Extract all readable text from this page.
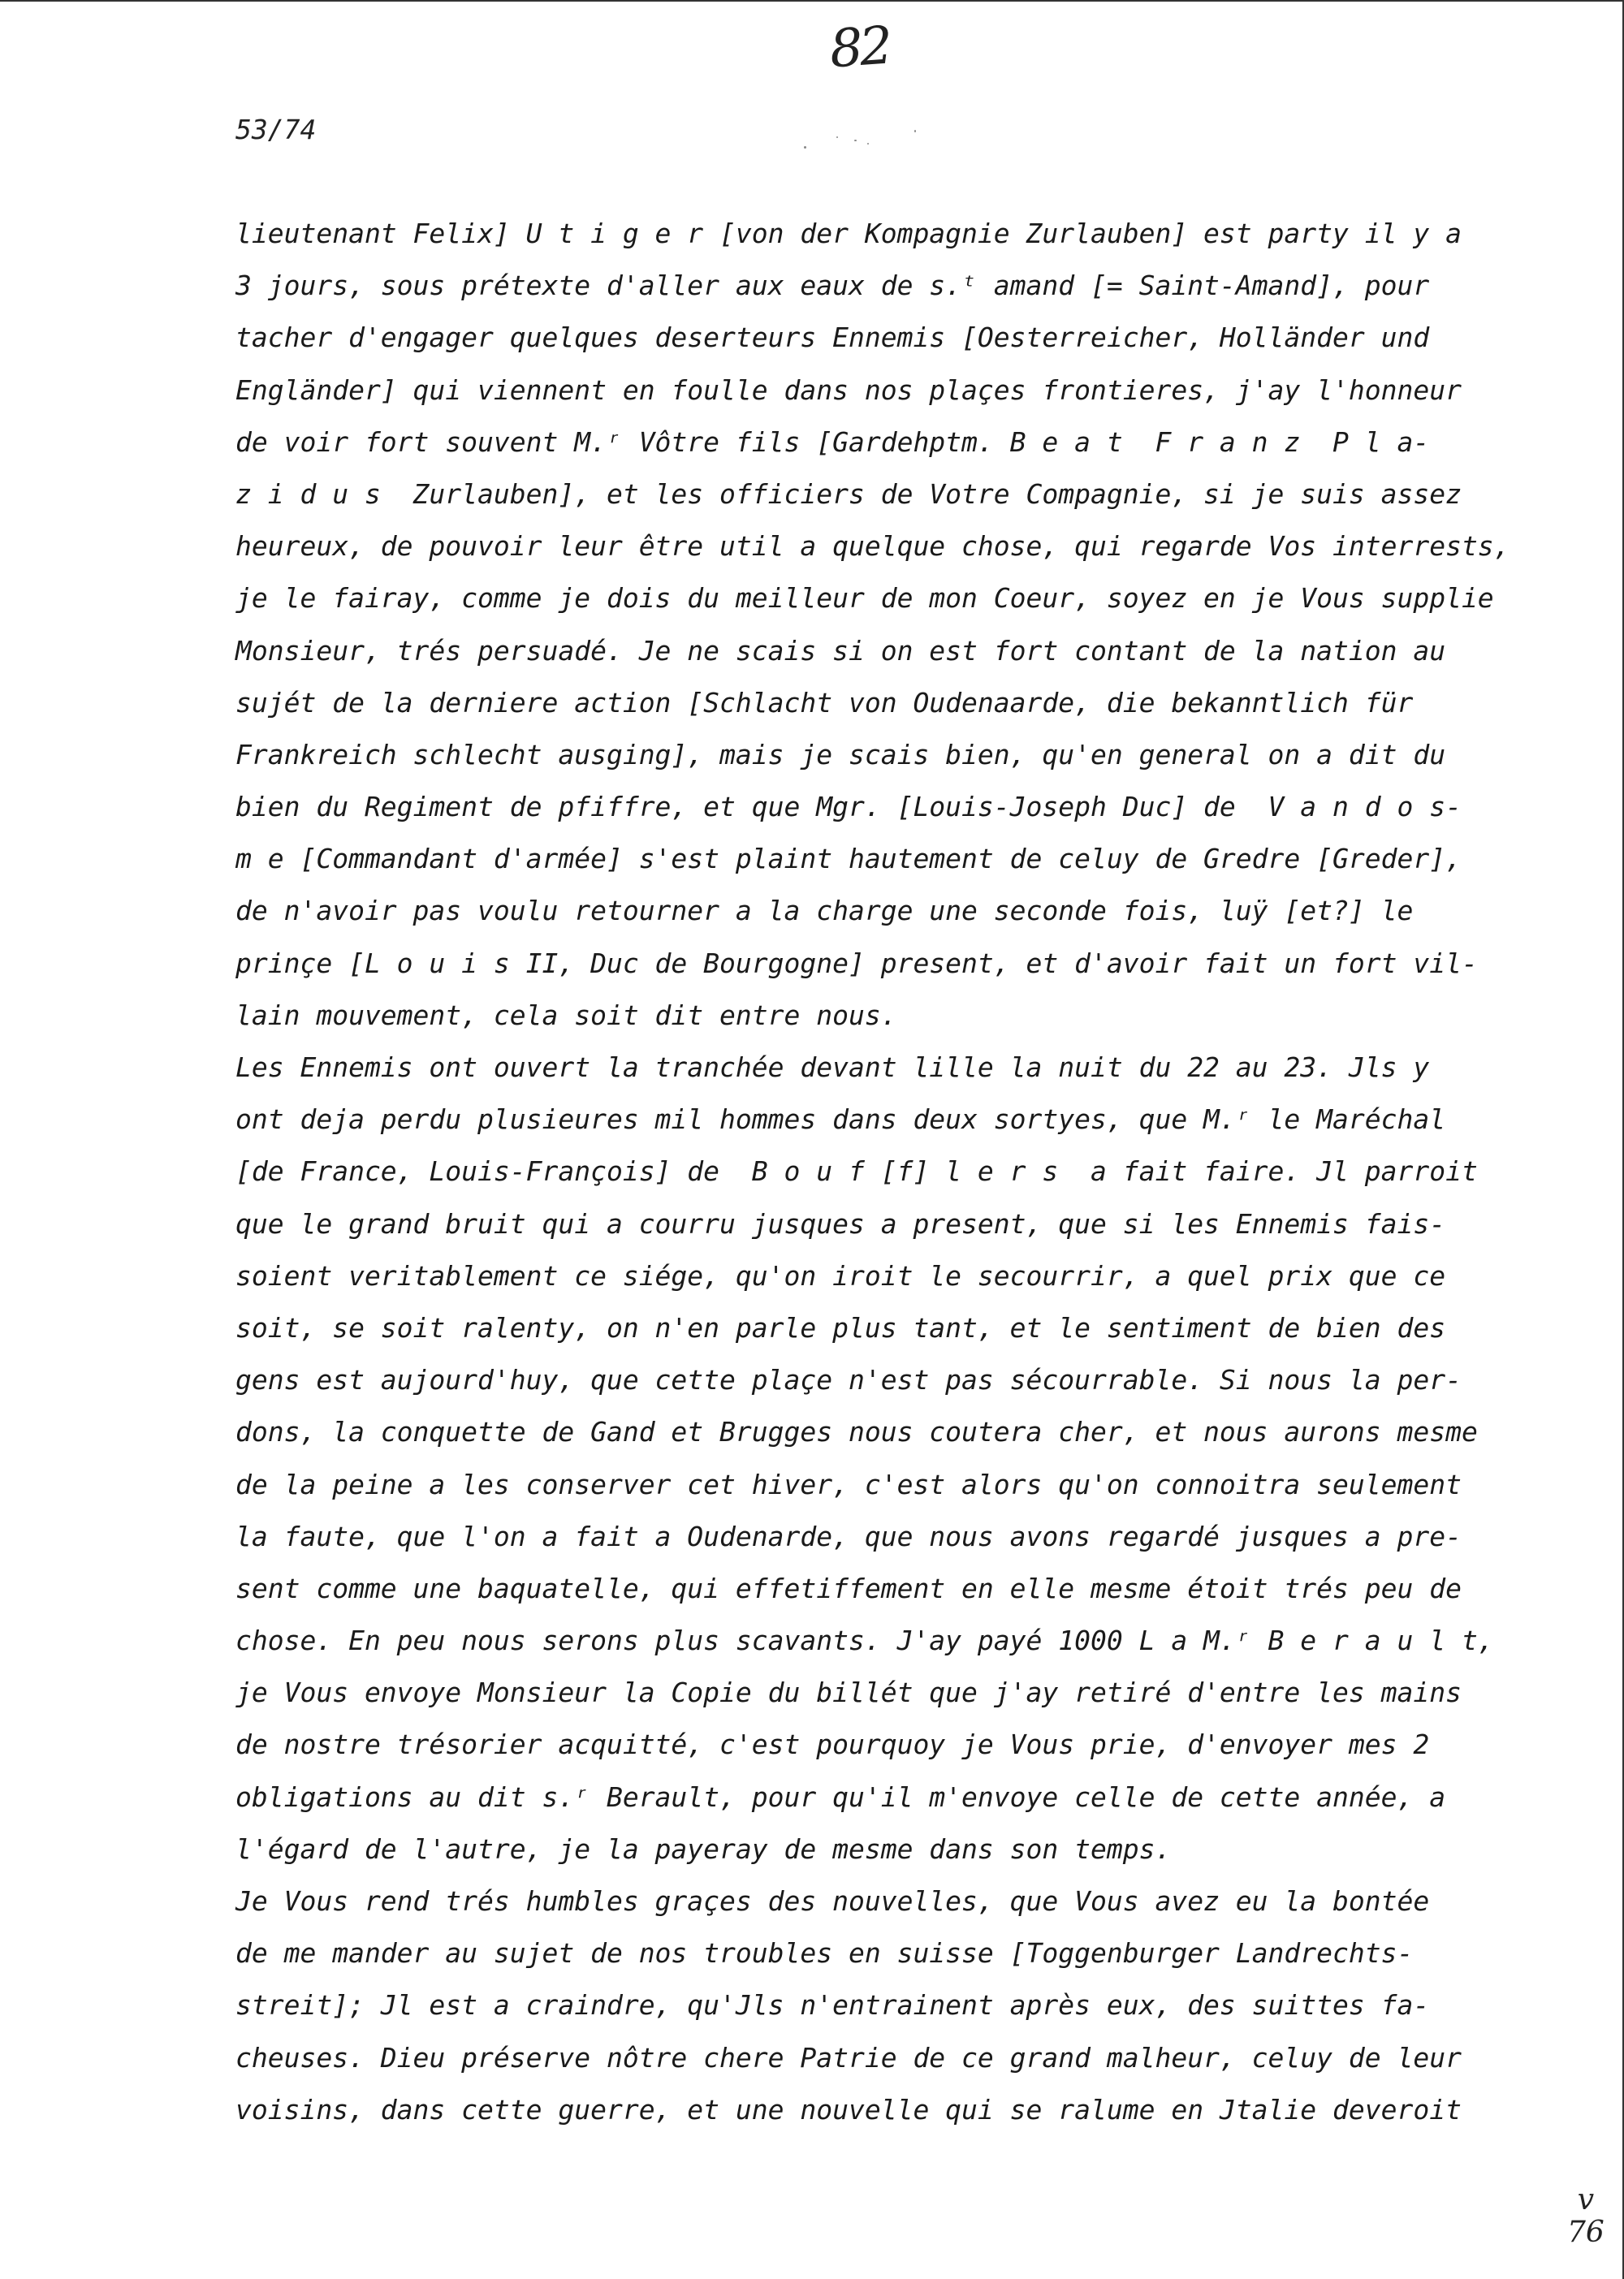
82
53/74
lieutenant Felix] U t i g e r [von der Kompagnie Zurlauben] est party il y a
3 jours, sous prétexte d'aller aux eaux de s.ᵗ amand [= Saint-Amand], pour
tacher d'engager quelques deserteurs Ennemis [Oesterreicher, Holländer und
Engländer] qui viennent en foulle dans nos plaçes frontieres, j'ay l'honneur
de voir fort souvent M.ʳ Vôtre fils [Gardehptm. B e a t  F r a n z  P l a-
z i d u s  Zurlauben], et les officiers de Votre Compagnie, si je suis assez
heureux, de pouvoir leur être util a quelque chose, qui regarde Vos interrests,
je le fairay, comme je dois du meilleur de mon Coeur, soyez en je Vous supplie
Monsieur, trés persuadé. Je ne scais si on est fort contant de la nation au
sujét de la derniere action [Schlacht von Oudenaarde, die bekanntlich für
Frankreich schlecht ausging], mais je scais bien, qu'en general on a dit du
bien du Regiment de pfiffre, et que Mgr. [Louis-Joseph Duc] de  V a n d o s-
m e [Commandant d'armée] s'est plaint hautement de celuy de Gredre [Greder],
de n'avoir pas voulu retourner a la charge une seconde fois, luÿ [et?] le
prinçe [L o u i s II, Duc de Bourgogne] present, et d'avoir fait un fort vil-
lain mouvement, cela soit dit entre nous.
Les Ennemis ont ouvert la tranchée devant lille la nuit du 22 au 23. Jls y
ont deja perdu plusieures mil hommes dans deux sortyes, que M.ʳ le Maréchal
[de France, Louis-François] de  B o u f [f] l e r s  a fait faire. Jl parroit
que le grand bruit qui a courru jusques a present, que si les Ennemis fais-
soient veritablement ce siége, qu'on iroit le secourrir, a quel prix que ce
soit, se soit ralenty, on n'en parle plus tant, et le sentiment de bien des
gens est aujourd'huy, que cette plaçe n'est pas sécourrable. Si nous la per-
dons, la conquette de Gand et Brugges nous coutera cher, et nous aurons mesme
de la peine a les conserver cet hiver, c'est alors qu'on connoitra seulement
la faute, que l'on a fait a Oudenarde, que nous avons regardé jusques a pre-
sent comme une baquatelle, qui effetiffement en elle mesme étoit trés peu de
chose. En peu nous serons plus scavants. J'ay payé 1000 L a M.ʳ B e r a u l t,
je Vous envoye Monsieur la Copie du billét que j'ay retiré d'entre les mains
de nostre trésorier acquitté, c'est pourquoy je Vous prie, d'envoyer mes 2
obligations au dit s.ʳ Berault, pour qu'il m'envoye celle de cette année, a
l'égard de l'autre, je la payeray de mesme dans son temps.
Je Vous rend trés humbles graçes des nouvelles, que Vous avez eu la bontée
de me mander au sujet de nos troubles en suisse [Toggenburger Landrechts-
streit]; Jl est a craindre, qu'Jls n'entrainent après eux, des suittes fa-
cheuses. Dieu préserve nôtre chere Patrie de ce grand malheur, celuy de leur
voisins, dans cette guerre, et une nouvelle qui se ralume en Jtalie deveroit
v
76
